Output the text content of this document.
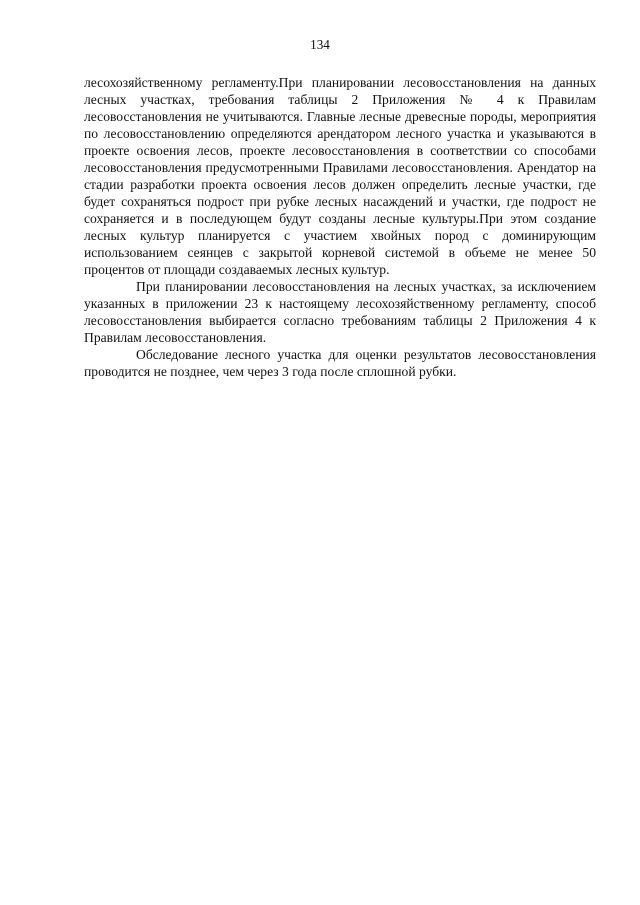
134

лесохозяйственному регламенту.При планировании лесовосстановления на данных лесных участках, требования таблицы 2 Приложения № 4 к Правилам лесовосстановления не учитываются. Главные лесные древесные породы, мероприятия по лесовосстановлению определяются арендатором лесного участка и указываются в проекте освоения лесов, проекте лесовосстановления в соответствии со способами лесовосстановления предусмотренными Правилами лесовосстановления. Арендатор на стадии разработки проекта освоения лесов должен определить лесные участки, где будет сохраняться подрост при рубке лесных насаждений и участки, где подрост не сохраняется и в последующем будут созданы лесные культуры.При этом создание лесных культур планируется с участием хвойных пород с доминирующим использованием сеянцев с закрытой корневой системой в объеме не менее 50 процентов от площади создаваемых лесных культур.

При планировании лесовосстановления на лесных участках, за исключением указанных в приложении 23 к настоящему лесохозяйственному регламенту, способ лесовосстановления выбирается согласно требованиям таблицы 2 Приложения 4 к Правилам лесовосстановления.

Обследование лесного участка для оценки результатов лесовосстановления проводится не позднее, чем через 3 года после сплошной рубки.
